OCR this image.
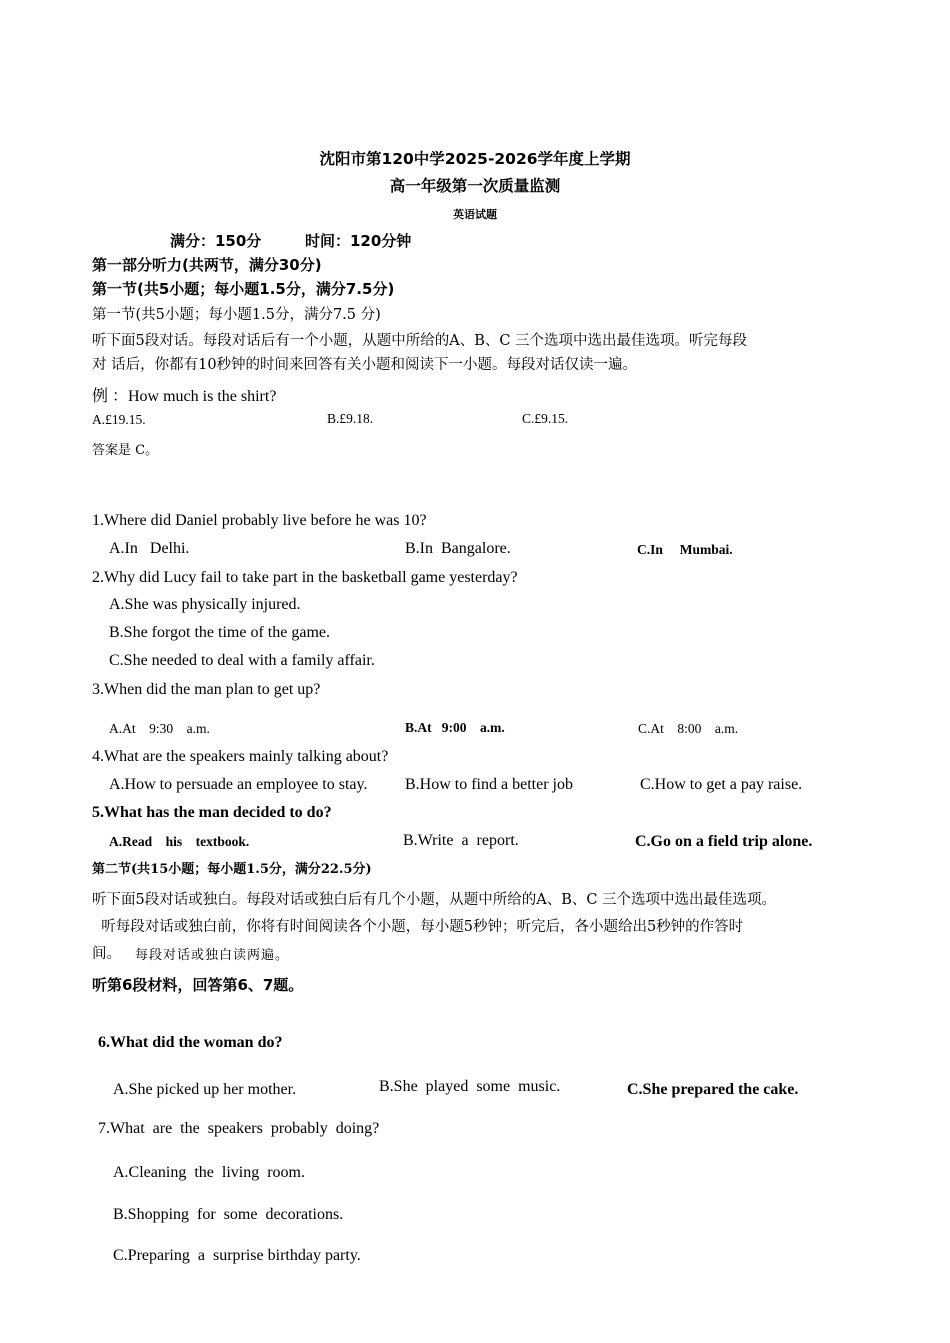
沈阳市第120中学2025-2026学年度上学期
高一年级第一次质量监测
英语试题
满分：150分	时间：120分钟
第一部分听力(共两节，满分30分)
第一节(共5小题；每小题1.5分，满分7.5分)
第一节(共5小题；每小题1.5分，满分7.5 分)
听下面5段对话。每段对话后有一个小题，从题中所给的A、B、C 三个选项中选出最佳选项。听完每段
对 话后，你都有10秒钟的时间来回答有关小题和阅读下一小题。每段对话仅读一遍。
例 ：How much is the shirt?
A.£19.15.	B.£9.18.	C.£9.15.
答案是 C。
1.Where did Daniel probably live before he was 10?
A.In   Delhi.	B.In  Bangalore.	C.In     Mumbai.
2.Why did Lucy fail to take part in the basketball game yesterday?
A.She was physically injured.
B.She forgot the time of the game.
C.She needed to deal with a family affair.
3.When did the man plan to get up?
A.At    9:30    a.m.	B.At   9:00    a.m.	C.At    8:00    a.m.
4.What are the speakers mainly talking about?
A.How to persuade an employee to stay. B.How to find a better job	C.How to get a pay raise.
5.What has the man decided to do?
A.Read    his    textbook.	B.Write  a  report.	C.Go on a field trip alone.
第二节(共15小题；每小题1.5分，满分22.5分)
听下面5段对话或独白。每段对话或独白后有几个小题，从题中所给的A、B、C 三个选项中选出最佳选项。
听每段对话或独白前，你将有时间阅读各个小题，每小题5秒钟；听完后，各小题给出5秒钟的作答时
间。 每段对话或独白读两遍。
听第6段材料，回答第6、7题。
6.What did the woman do?
A.She picked up her mother.	B.She  played  some  music.	C.She prepared the cake.
7.What  are  the  speakers  probably  doing?
A.Cleaning  the  living  room.
B.Shopping  for  some  decorations.
C.Preparing  a  surprise birthday party.
